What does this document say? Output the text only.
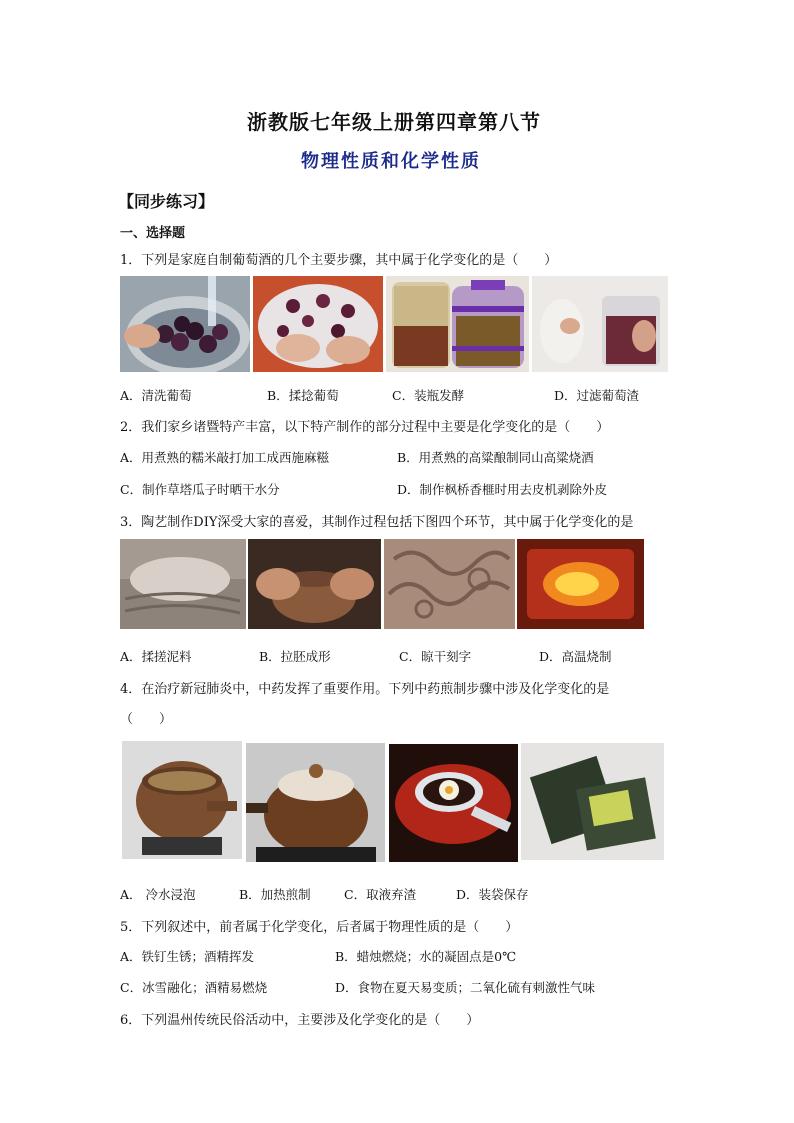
浙教版七年级上册第四章第八节
物理性质和化学性质
【同步练习】
一、选择题
1．下列是家庭自制葡萄酒的几个主要步骤，其中属于化学变化的是（　　）
A．清洗葡萄	B．揉捻葡萄	C．装瓶发酵	D．过滤葡萄渣
2．我们家乡诸暨特产丰富，以下特产制作的部分过程中主要是化学变化的是（　　）
A．用煮熟的糯米敲打加工成西施麻糍	B．用煮熟的高粱酿制同山高粱烧酒
C．制作草塔瓜子时晒干水分	D．制作枫桥香榧时用去皮机剥除外皮
3．陶艺制作DIY深受大家的喜爱，其制作过程包括下图四个环节，其中属于化学变化的是
A．揉搓泥料	B．拉胚成形	C．晾干刻字	D．高温烧制
4．在治疗新冠肺炎中，中药发挥了重要作用。下列中药煎制步骤中涉及化学变化的是
（　　）
A． 冷水浸泡	B．加热煎制	C．取液弃渣	D．装袋保存
5．下列叙述中，前者属于化学变化，后者属于物理性质的是（　　）
A．铁钉生锈；酒精挥发	B．蜡烛燃烧；水的凝固点是0℃
C．冰雪融化；酒精易燃烧	D．食物在夏天易变质；二氧化硫有刺激性气味
6．下列温州传统民俗活动中，主要涉及化学变化的是（　　）
